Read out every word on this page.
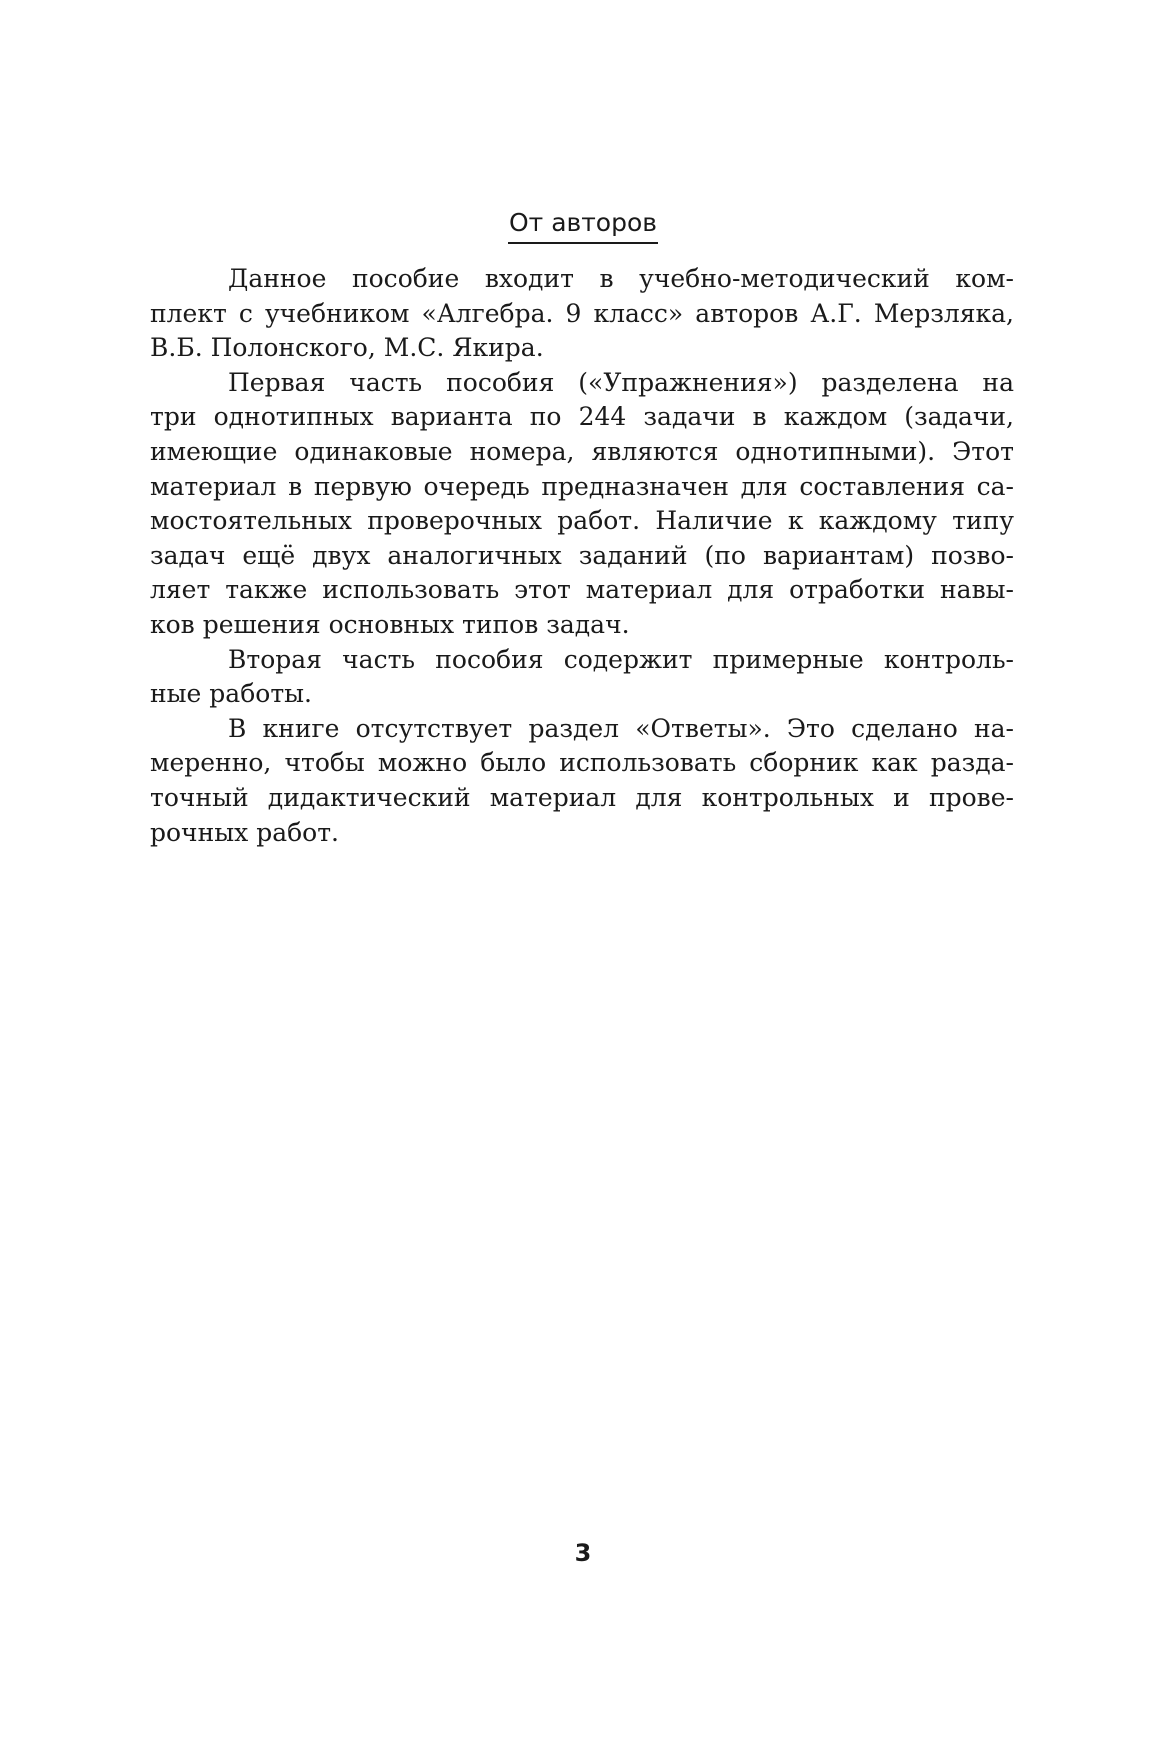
От авторов

Данное пособие входит в учебно-методический ком-
плект с учебником «Алгебра. 9 класс» авторов А.Г. Мерзляка,
В.Б. Полонского, М.С. Якира.

Первая часть пособия («Упражнения») разделена на
три однотипных варианта по 244 задачи в каждом (задачи,
имеющие одинаковые номера, являются однотипными). Этот
материал в первую очередь предназначен для составления са-
мостоятельных проверочных работ. Наличие к каждому типу
задач ещё двух аналогичных заданий (по вариантам) позво-
ляет также использовать этот материал для отработки навы-
ков решения основных типов задач.

Вторая часть пособия содержит примерные контроль-
ные работы.

В книге отсутствует раздел «Ответы». Это сделано на-
меренно, чтобы можно было использовать сборник как разда-
точный дидактический материал для контрольных и прове-
рочных работ.

3
